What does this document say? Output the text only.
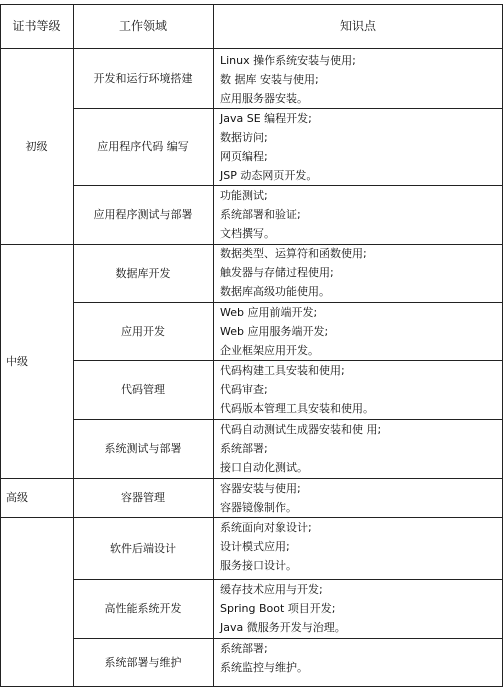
证书等级	工作领域	知识点
初级
中级
高级
开发和运行环境搭建
应用程序代码 编写
应用程序测试与部署
数据库开发
应用开发
代码管理
系统测试与部署
容器管理
软件后端设计
高性能系统开发
系统部署与维护
Linux 操作系统安装与使用;
数 据库 安装与使用;
应用服务器安装。
Java SE 编程开发;
数据访问;
网页编程;
JSP 动态网页开发。
功能测试;
系统部署和验证;
文档撰写。
数据类型、运算符和函数使用;
触发器与存储过程使用;
数据库高级功能使用。
Web 应用前端开发;
Web 应用服务端开发;
企业框架应用开发。
代码构建工具安装和使用;
代码审查;
代码版本管理工具安装和使用。
代码自动测试生成器安装和使 用;
系统部署;
接口自动化测试。
容器安装与使用;
容器镜像制作。
系统面向对象设计;
设计模式应用;
服务接口设计。
缓存技术应用与开发;
Spring Boot 项目开发;
Java 微服务开发与治理。
系统部署;
系统监控与维护。
